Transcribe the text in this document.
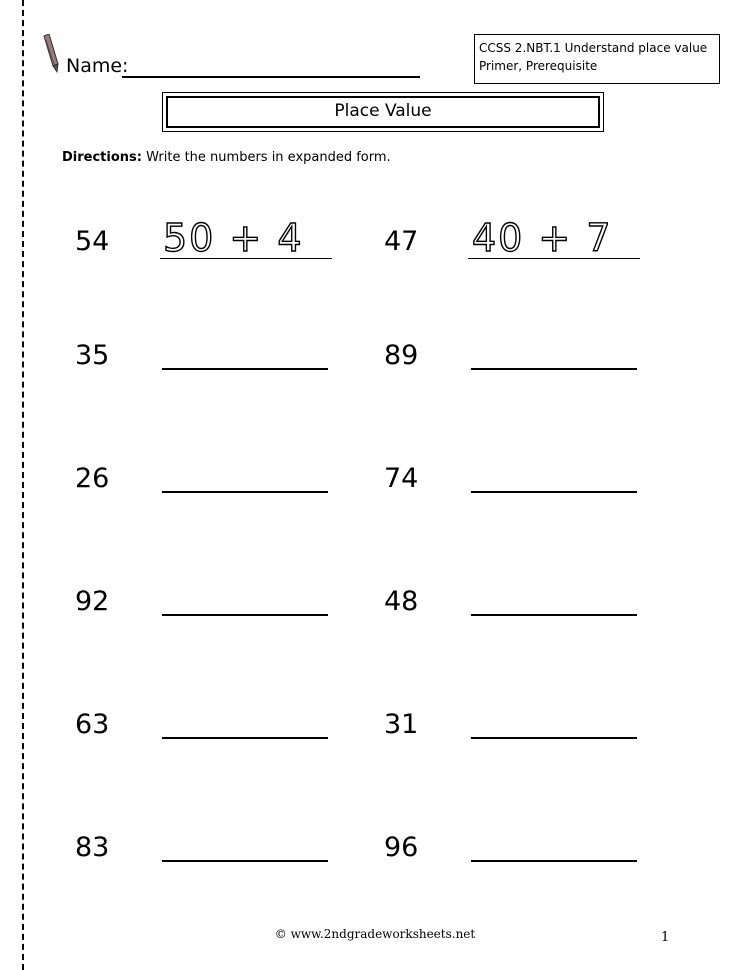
Name:
CCSS 2.NBT.1 Understand place value
Primer, Prerequisite
Place Value
Directions: Write the numbers in expanded form.
54 50 + 4
35
26
92
63
83
47 40 + 7
89
74
48
31
96
© www.2ndgradeworksheets.net	1
